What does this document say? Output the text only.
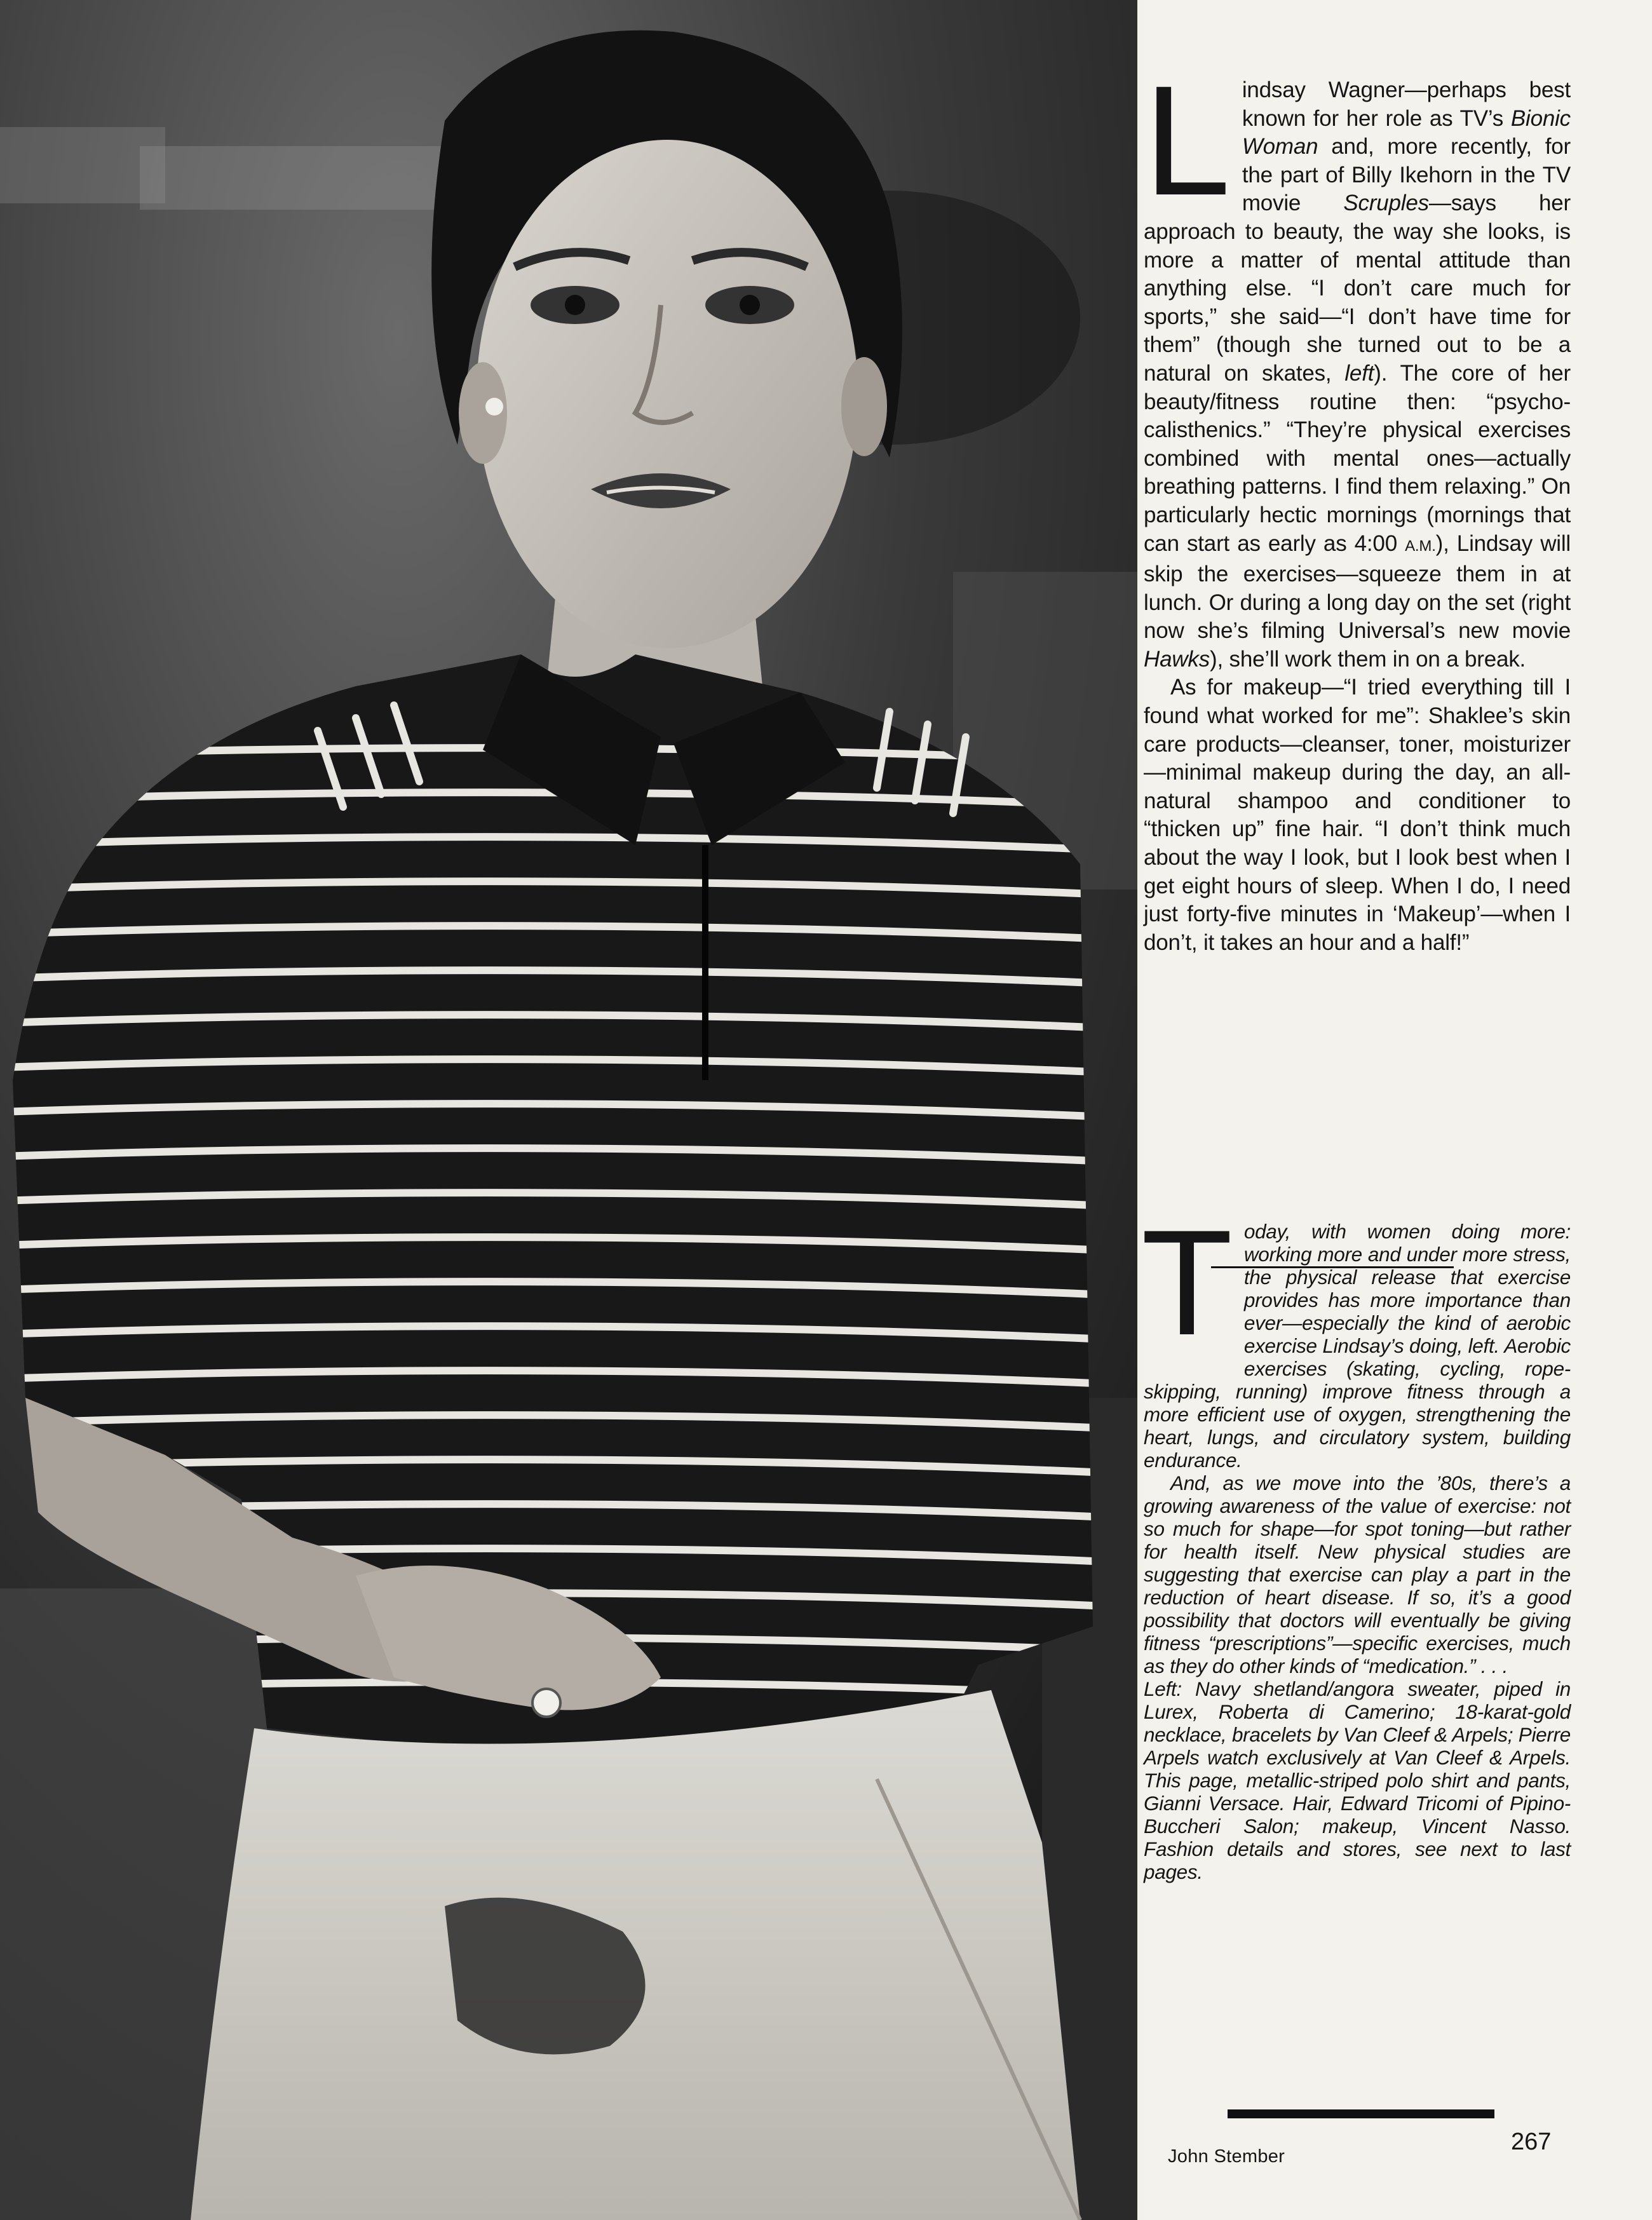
Lindsay Wagner—perhaps best known for her role as TV’s Bionic Woman and, more recently, for the part of Billy Ikehorn in the TV movie Scruples—says her approach to beauty, the way she looks, is more a matter of mental attitude than anything else. “I don’t care much for sports,” she said—“I don’t have time for them” (though she turned out to be a natural on skates, left). The core of her beauty/fitness routine then: “psycho-calisthenics.” “They’re physical exercises combined with mental ones—actually breathing patterns. I find them relaxing.” On particularly hectic mornings (mornings that can start as early as 4:00 A.M.), Lindsay will skip the exercises—squeeze them in at lunch. Or during a long day on the set (right now she’s filming Universal’s new movie Hawks), she’ll work them in on a break.

As for makeup—“I tried everything till I found what worked for me”: Shaklee’s skin care products—cleanser, toner, moisturizer—minimal makeup during the day, an all-natural shampoo and conditioner to “thicken up” fine hair. “I don’t think much about the way I look, but I look best when I get eight hours of sleep. When I do, I need just forty-five minutes in ‘Makeup’—when I don’t, it takes an hour and a half!”

Today, with women doing more: working more and under more stress, the physical release that exercise provides has more importance than ever—especially the kind of aerobic exercise Lindsay’s doing, left. Aerobic exercises (skating, cycling, rope-skipping, running) improve fitness through a more efficient use of oxygen, strengthening the heart, lungs, and circulatory system, building endurance.

And, as we move into the ’80s, there’s a growing awareness of the value of exercise: not so much for shape—for spot toning—but rather for health itself. New physical studies are suggesting that exercise can play a part in the reduction of heart disease. If so, it’s a good possibility that doctors will eventually be giving fitness “prescriptions”—specific exercises, much as they do other kinds of “medication.” . . .

Left: Navy shetland/angora sweater, piped in Lurex, Roberta di Camerino; 18-karat-gold necklace, bracelets by Van Cleef & Arpels; Pierre Arpels watch exclusively at Van Cleef & Arpels. This page, metallic-striped polo shirt and pants, Gianni Versace. Hair, Edward Tricomi of Pipino-Buccheri Salon; makeup, Vincent Nasso. Fashion details and stores, see next to last pages.

John Stember
267
